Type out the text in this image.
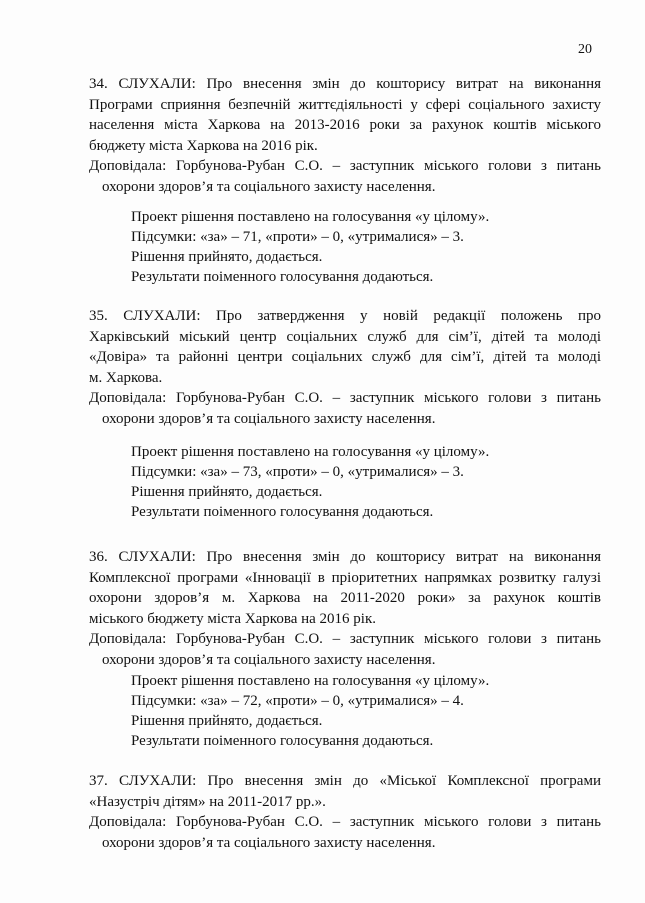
20

34. СЛУХАЛИ: Про внесення змін до кошторису витрат на виконання

Програми сприяння безпечній життєдіяльності у сфері соціального захисту

населення міста Харкова на 2013-2016 роки за рахунок коштів міського

бюджету міста Харкова на 2016 рік.

Доповідала: Горбунова-Рубан С.О. – заступник міського голови з питань

охорони здоров’я та соціального захисту населення.

Проект рішення поставлено на голосування «у цілому».

Підсумки: «за» – 71, «проти» – 0, «утрималися» – 3.

Рішення прийнято, додається.

Результати поіменного голосування додаються.

35. СЛУХАЛИ: Про затвердження у новій редакції положень про

Харківський міський центр соціальних служб для сім’ї, дітей та молоді

«Довіра» та районні центри соціальних служб для сім’ї, дітей та молоді

м. Харкова.

Доповідала: Горбунова-Рубан С.О. – заступник міського голови з питань

охорони здоров’я та соціального захисту населення.

Проект рішення поставлено на голосування «у цілому».

Підсумки: «за» – 73, «проти» – 0, «утрималися» – 3.

Рішення прийнято, додається.

Результати поіменного голосування додаються.

36. СЛУХАЛИ: Про внесення змін до кошторису витрат на виконання

Комплексної програми «Інновації в пріоритетних напрямках розвитку галузі

охорони здоров’я м. Харкова на 2011-2020 роки» за рахунок коштів

міського бюджету міста Харкова на 2016 рік.

Доповідала: Горбунова-Рубан С.О. – заступник міського голови з питань

охорони здоров’я та соціального захисту населення.

Проект рішення поставлено на голосування «у цілому».

Підсумки: «за» – 72, «проти» – 0, «утрималися» – 4.

Рішення прийнято, додається.

Результати поіменного голосування додаються.

37. СЛУХАЛИ: Про внесення змін до «Міської Комплексної програми

«Назустріч дітям» на 2011-2017 рр.».

Доповідала: Горбунова-Рубан С.О. – заступник міського голови з питань

охорони здоров’я та соціального захисту населення.
